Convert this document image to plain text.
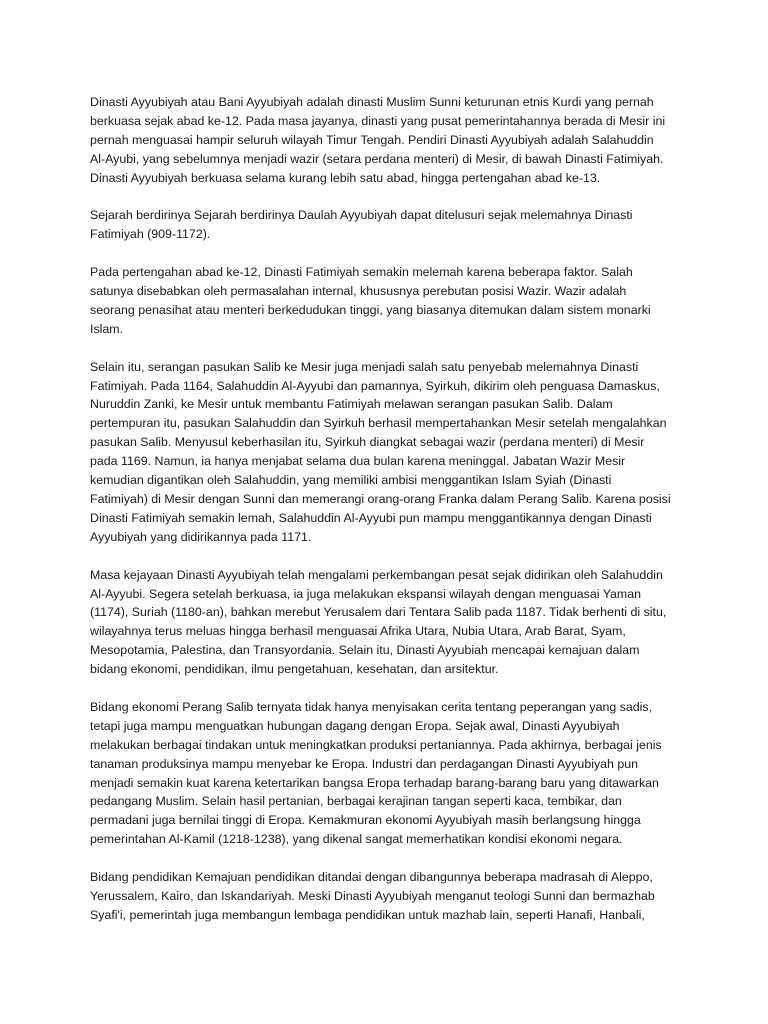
Dinasti Ayyubiyah atau Bani Ayyubiyah adalah dinasti Muslim Sunni keturunan etnis Kurdi yang pernah
berkuasa sejak abad ke-12. Pada masa jayanya, dinasti yang pusat pemerintahannya berada di Mesir ini
pernah menguasai hampir seluruh wilayah Timur Tengah. Pendiri Dinasti Ayyubiyah adalah Salahuddin
Al-Ayubi, yang sebelumnya menjadi wazir (setara perdana menteri) di Mesir, di bawah Dinasti Fatimiyah.
Dinasti Ayyubiyah berkuasa selama kurang lebih satu abad, hingga pertengahan abad ke-13.

Sejarah berdirinya Sejarah berdirinya Daulah Ayyubiyah dapat ditelusuri sejak melemahnya Dinasti
Fatimiyah (909-1172).

Pada pertengahan abad ke-12, Dinasti Fatimiyah semakin melemah karena beberapa faktor. Salah
satunya disebabkan oleh permasalahan internal, khususnya perebutan posisi Wazir. Wazir adalah
seorang penasihat atau menteri berkedudukan tinggi, yang biasanya ditemukan dalam sistem monarki
Islam.

Selain itu, serangan pasukan Salib ke Mesir juga menjadi salah satu penyebab melemahnya Dinasti
Fatimiyah. Pada 1164, Salahuddin Al-Ayyubi dan pamannya, Syirkuh, dikirim oleh penguasa Damaskus,
Nuruddin Zanki, ke Mesir untuk membantu Fatimiyah melawan serangan pasukan Salib. Dalam
pertempuran itu, pasukan Salahuddin dan Syirkuh berhasil mempertahankan Mesir setelah mengalahkan
pasukan Salib. Menyusul keberhasilan itu, Syirkuh diangkat sebagai wazir (perdana menteri) di Mesir
pada 1169. Namun, ia hanya menjabat selama dua bulan karena meninggal. Jabatan Wazir Mesir
kemudian digantikan oleh Salahuddin, yang memiliki ambisi menggantikan Islam Syiah (Dinasti
Fatimiyah) di Mesir dengan Sunni dan memerangi orang-orang Franka dalam Perang Salib. Karena posisi
Dinasti Fatimiyah semakin lemah, Salahuddin Al-Ayyubi pun mampu menggantikannya dengan Dinasti
Ayyubiyah yang didirikannya pada 1171.

Masa kejayaan Dinasti Ayyubiyah telah mengalami perkembangan pesat sejak didirikan oleh Salahuddin
Al-Ayyubi. Segera setelah berkuasa, ia juga melakukan ekspansi wilayah dengan menguasai Yaman
(1174), Suriah (1180-an), bahkan merebut Yerusalem dari Tentara Salib pada 1187. Tidak berhenti di situ,
wilayahnya terus meluas hingga berhasil menguasai Afrika Utara, Nubia Utara, Arab Barat, Syam,
Mesopotamia, Palestina, dan Transyordania. Selain itu, Dinasti Ayyubiah mencapai kemajuan dalam
bidang ekonomi, pendidikan, ilmu pengetahuan, kesehatan, dan arsitektur.

Bidang ekonomi Perang Salib ternyata tidak hanya menyisakan cerita tentang peperangan yang sadis,
tetapi juga mampu menguatkan hubungan dagang dengan Eropa. Sejak awal, Dinasti Ayyubiyah
melakukan berbagai tindakan untuk meningkatkan produksi pertaniannya. Pada akhirnya, berbagai jenis
tanaman produksinya mampu menyebar ke Eropa. Industri dan perdagangan Dinasti Ayyubiyah pun
menjadi semakin kuat karena ketertarikan bangsa Eropa terhadap barang-barang baru yang ditawarkan
pedangang Muslim. Selain hasil pertanian, berbagai kerajinan tangan seperti kaca, tembikar, dan
permadani juga bernilai tinggi di Eropa. Kemakmuran ekonomi Ayyubiyah masih berlangsung hingga
pemerintahan Al-Kamil (1218-1238), yang dikenal sangat memerhatikan kondisi ekonomi negara.

Bidang pendidikan Kemajuan pendidikan ditandai dengan dibangunnya beberapa madrasah di Aleppo,
Yerussalem, Kairo, dan Iskandariyah. Meski Dinasti Ayyubiyah menganut teologi Sunni dan bermazhab
Syafi'i, pemerintah juga membangun lembaga pendidikan untuk mazhab lain, seperti Hanafi, Hanbali,
